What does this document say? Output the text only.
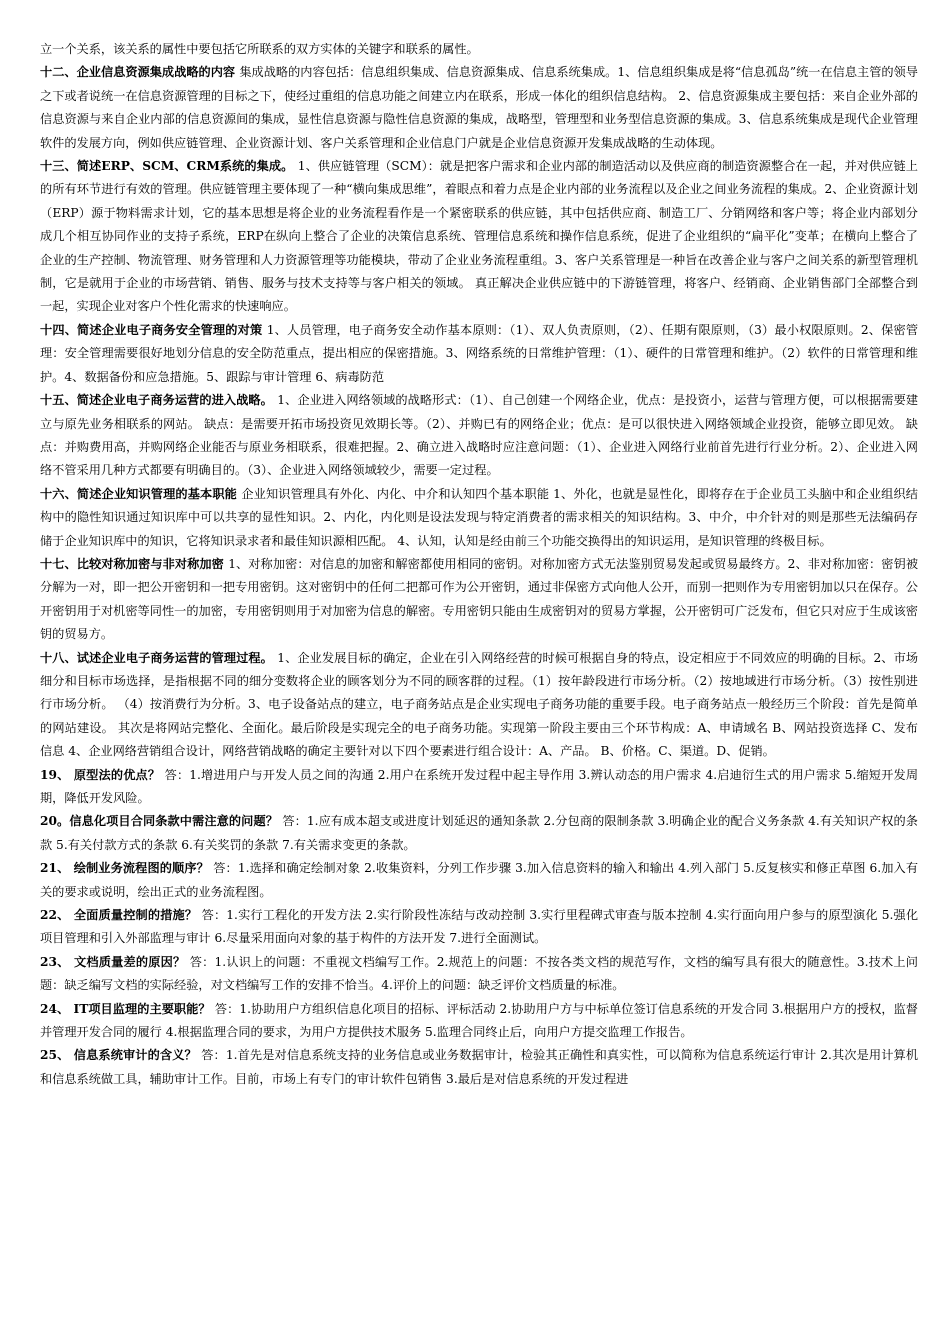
立一个关系，该关系的属性中要包括它所联系的双方实体的关键字和联系的属性。

十二、企业信息资源集成战略的内容 集成战略的内容包括：信息组织集成、信息资源集成、信息系统集成。1、信息组织集成是将“信息孤岛”统一在信息主管的领导之下或者说统一在信息资源管理的目标之下，使经过重组的信息功能之间建立内在联系，形成一体化的组织信息结构。 2、信息资源集成主要包括：来自企业外部的信息资源与来自企业内部的信息资源间的集成，显性信息资源与隐性信息资源的集成，战略型，管理型和业务型信息资源的集成。3、信息系统集成是现代企业管理软件的发展方向，例如供应链管理、企业资源计划、客户关系管理和企业信息门户就是企业信息资源开发集成战略的生动体现。

十三、简述ERP、SCM、CRM系统的集成。 1、供应链管理（SCM）：就是把客户需求和企业内部的制造活动以及供应商的制造资源整合在一起，并对供应链上的所有环节进行有效的管理。供应链管理主要体现了一种“横向集成思维”，着眼点和着力点是企业内部的业务流程以及企业之间业务流程的集成。2、企业资源计划（ERP）源于物料需求计划，它的基本思想是将企业的业务流程看作是一个紧密联系的供应链，其中包括供应商、制造工厂、分销网络和客户等；将企业内部划分成几个相互协同作业的支持子系统，ERP在纵向上整合了企业的决策信息系统、管理信息系统和操作信息系统，促进了企业组织的“扁平化”变革；在横向上整合了企业的生产控制、物流管理、财务管理和人力资源管理等功能模块，带动了企业业务流程重组。3、客户关系管理是一种旨在改善企业与客户之间关系的新型管理机制，它是就用于企业的市场营销、销售、服务与技术支持等与客户相关的领域。 真正解决企业供应链中的下游链管理，将客户、经销商、企业销售部门全部整合到一起，实现企业对客户个性化需求的快速响应。

十四、简述企业电子商务安全管理的对策 1、人员管理，电子商务安全动作基本原则：（1）、双人负责原则，（2）、任期有限原则，（3）最小权限原则。2、保密管理：安全管理需要很好地划分信息的安全防范重点，提出相应的保密措施。3、网络系统的日常维护管理：（1）、硬件的日常管理和维护。（2）软件的日常管理和维护。4、数据备份和应急措施。5、跟踪与审计管理 6、病毒防范

十五、简述企业电子商务运营的进入战略。 1、企业进入网络领域的战略形式：（1）、自己创建一个网络企业，优点：是投资小，运营与管理方便，可以根据需要建立与原先业务相联系的网站。 缺点：是需要开拓市场投资见效期长等。（2）、并购已有的网络企业；优点：是可以很快进入网络领域企业投资，能够立即见效。 缺点：并购费用高，并购网络企业能否与原业务相联系，很难把握。2、确立进入战略时应注意问题：（1）、企业进入网络行业前首先进行行业分析。2）、企业进入网络不管采用几种方式都要有明确目的。（3）、企业进入网络领域较少，需要一定过程。

十六、简述企业知识管理的基本职能 企业知识管理具有外化、内化、中介和认知四个基本职能 1、外化，也就是显性化，即将存在于企业员工头脑中和企业组织结构中的隐性知识通过知识库中可以共享的显性知识。2、内化，内化则是设法发现与特定消费者的需求相关的知识结构。3、中介，中介针对的则是那些无法编码存储于企业知识库中的知识，它将知识录求者和最佳知识源相匹配。 4、认知，认知是经由前三个功能交换得出的知识运用，是知识管理的终极目标。

十七、比较对称加密与非对称加密 1、对称加密：对信息的加密和解密都使用相同的密钥。对称加密方式无法鉴别贸易发起或贸易最终方。2、非对称加密：密钥被分解为一对，即一把公开密钥和一把专用密钥。这对密钥中的任何二把都可作为公开密钥，通过非保密方式向他人公开，而别一把则作为专用密钥加以只在保存。公开密钥用于对机密等同性一的加密，专用密钥则用于对加密为信息的解密。专用密钥只能由生成密钥对的贸易方掌握，公开密钥可广泛发布，但它只对应于生成该密钥的贸易方。

十八、试述企业电子商务运营的管理过程。 1、企业发展目标的确定，企业在引入网络经营的时候可根据自身的特点，设定相应于不同效应的明确的目标。2、市场细分和目标市场选择，是指根据不同的细分变数将企业的顾客划分为不同的顾客群的过程。（1）按年龄段进行市场分析。（2）按地域进行市场分析。（3）按性别进行市场分析。 （4）按消费行为分析。3、电子设备站点的建立，电子商务站点是企业实现电子商务功能的重要手段。电子商务站点一般经历三个阶段：首先是简单的网站建设。 其次是将网站完整化、全面化。最后阶段是实现完全的电子商务功能。实现第一阶段主要由三个环节构成：A、申请域名 B、网站投资选择 C、发布信息 4、企业网络营销组合设计，网络营销战略的确定主要针对以下四个要素进行组合设计：A、产品。 B、价格。C、渠道。D、促销。

19、 原型法的优点？ 答：1.增进用户与开发人员之间的沟通 2.用户在系统开发过程中起主导作用 3.辨认动态的用户需求 4.启迪衍生式的用户需求 5.缩短开发周期，降低开发风险。

20。信息化项目合同条款中需注意的问题？ 答：1.应有成本超支或进度计划延迟的通知条款 2.分包商的限制条款 3.明确企业的配合义务条款 4.有关知识产权的条款 5.有关付款方式的条款 6.有关奖罚的条款 7.有关需求变更的条款。

21、 绘制业务流程图的顺序？ 答：1.选择和确定绘制对象 2.收集资料，分列工作步骤 3.加入信息资料的输入和输出 4.列入部门 5.反复核实和修正草图 6.加入有关的要求或说明，绘出正式的业务流程图。

22、 全面质量控制的措施？ 答：1.实行工程化的开发方法 2.实行阶段性冻结与改动控制 3.实行里程碑式审查与版本控制 4.实行面向用户参与的原型演化 5.强化项目管理和引入外部监理与审计 6.尽量采用面向对象的基于构件的方法开发 7.进行全面测试。

23、 文档质量差的原因？ 答：1.认识上的问题：不重视文档编写工作。2.规范上的问题：不按各类文档的规范写作，文档的编写具有很大的随意性。3.技术上问题：缺乏编写文档的实际经验，对文档编写工作的安排不恰当。4.评价上的问题：缺乏评价文档质量的标准。

24、 IT项目监理的主要职能？ 答：1.协助用户方组织信息化项目的招标、评标活动 2.协助用户方与中标单位签订信息系统的开发合同 3.根据用户方的授权，监督并管理开发合同的履行 4.根据监理合同的要求，为用户方提供技术服务 5.监理合同终止后，向用户方提交监理工作报告。

25、 信息系统审计的含义？ 答：1.首先是对信息系统支持的业务信息或业务数据审计，检验其正确性和真实性，可以简称为信息系统运行审计 2.其次是用计算机和信息系统做工具，辅助审计工作。目前，市场上有专门的审计软件包销售 3.最后是对信息系统的开发过程进
